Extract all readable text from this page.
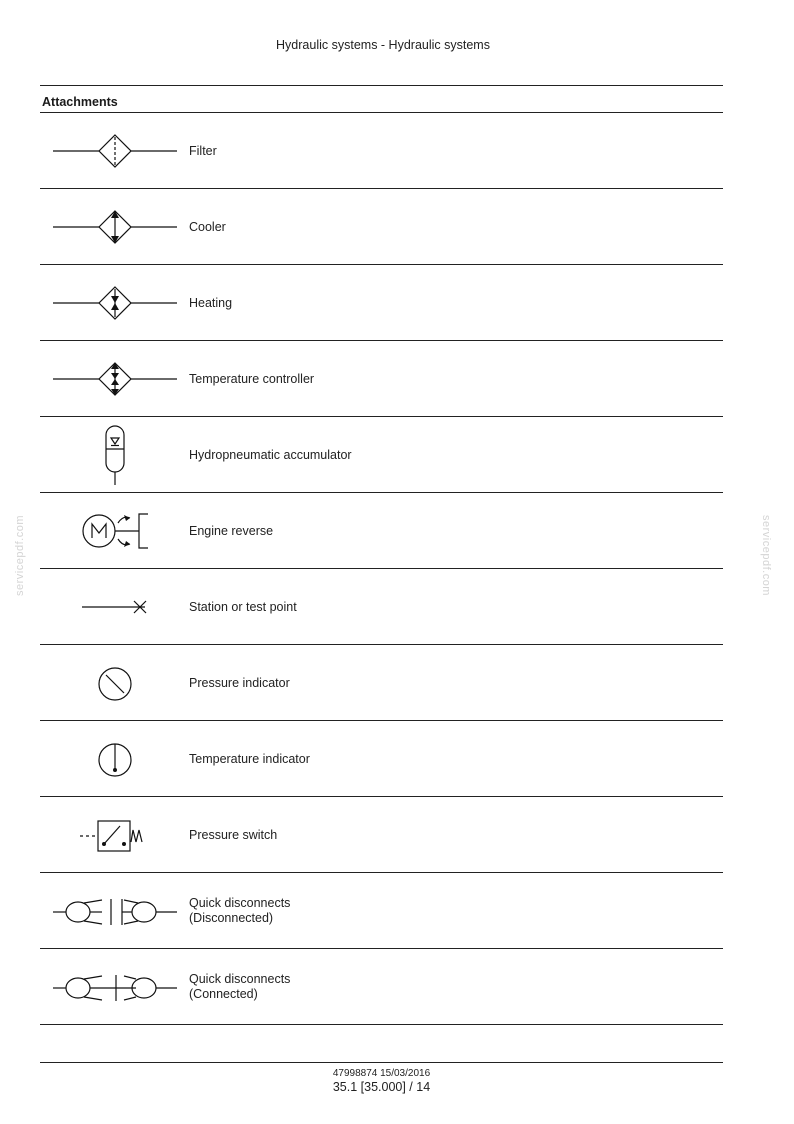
Hydraulic systems - Hydraulic systems
Attachments
Filter
Cooler
Heating
Temperature controller
Hydropneumatic accumulator
Engine reverse
Station or test point
Pressure indicator
Temperature indicator
Pressure switch
Quick disconnects
(Disconnected)
Quick disconnects
(Connected)
47998874 15/03/2016
35.1 [35.000] / 14
servicepdf.com	servicepdf.com
